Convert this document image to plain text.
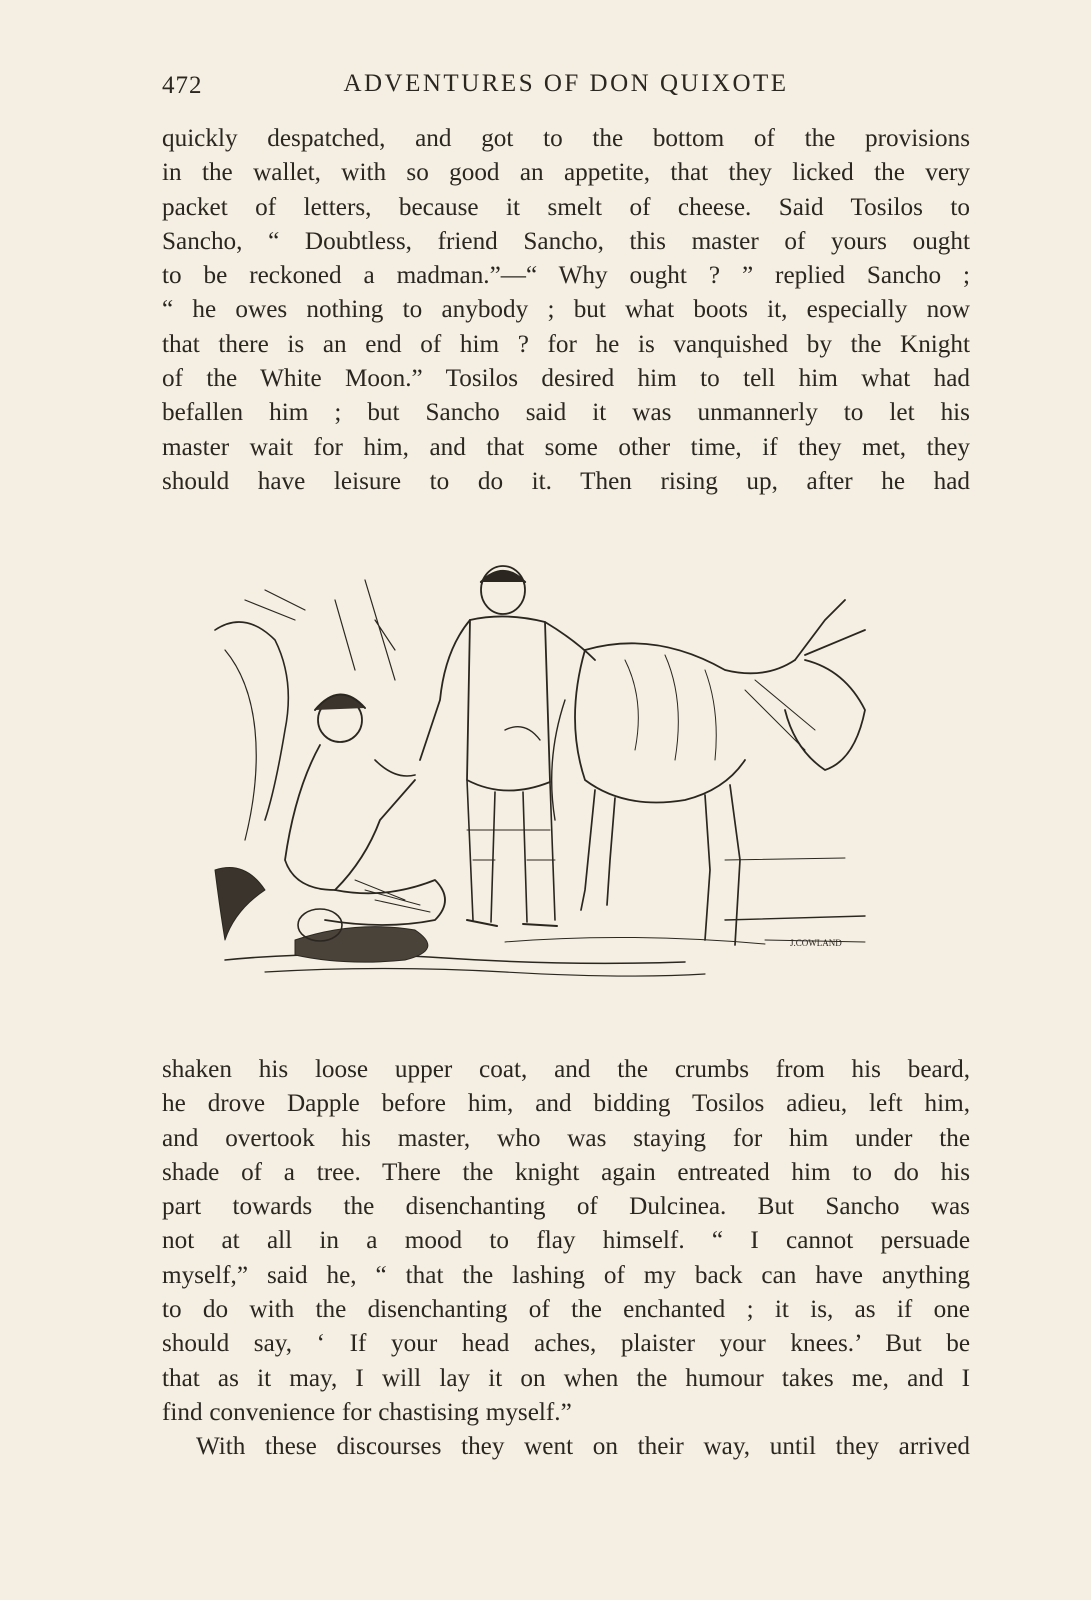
472	ADVENTURES OF DON QUIXOTE
quickly despatched, and got to the bottom of the provisions
in the wallet, with so good an appetite, that they licked the very
packet of letters, because it smelt of cheese. Said Tosilos to
Sancho, “ Doubtless, friend Sancho, this master of yours ought
to be reckoned a madman.”—“ Why ought ? ” replied Sancho ;
“ he owes nothing to anybody ; but what boots it, especially now
that there is an end of him ? for he is vanquished by the Knight
of the White Moon.” Tosilos desired him to tell him what had
befallen him ; but Sancho said it was unmannerly to let his
master wait for him, and that some other time, if they met, they
should have leisure to do it. Then rising up, after he had
J.COWLAND
shaken his loose upper coat, and the crumbs from his beard,
he drove Dapple before him, and bidding Tosilos adieu, left him,
and overtook his master, who was staying for him under the
shade of a tree. There the knight again entreated him to do his
part towards the disenchanting of Dulcinea. But Sancho was
not at all in a mood to flay himself. “ I cannot persuade
myself,” said he, “ that the lashing of my back can have anything
to do with the disenchanting of the enchanted ; it is, as if one
should say, ‘ If your head aches, plaister your knees.’ But be
that as it may, I will lay it on when the humour takes me, and I
find convenience for chastising myself.”
With these discourses they went on their way, until they arrived
